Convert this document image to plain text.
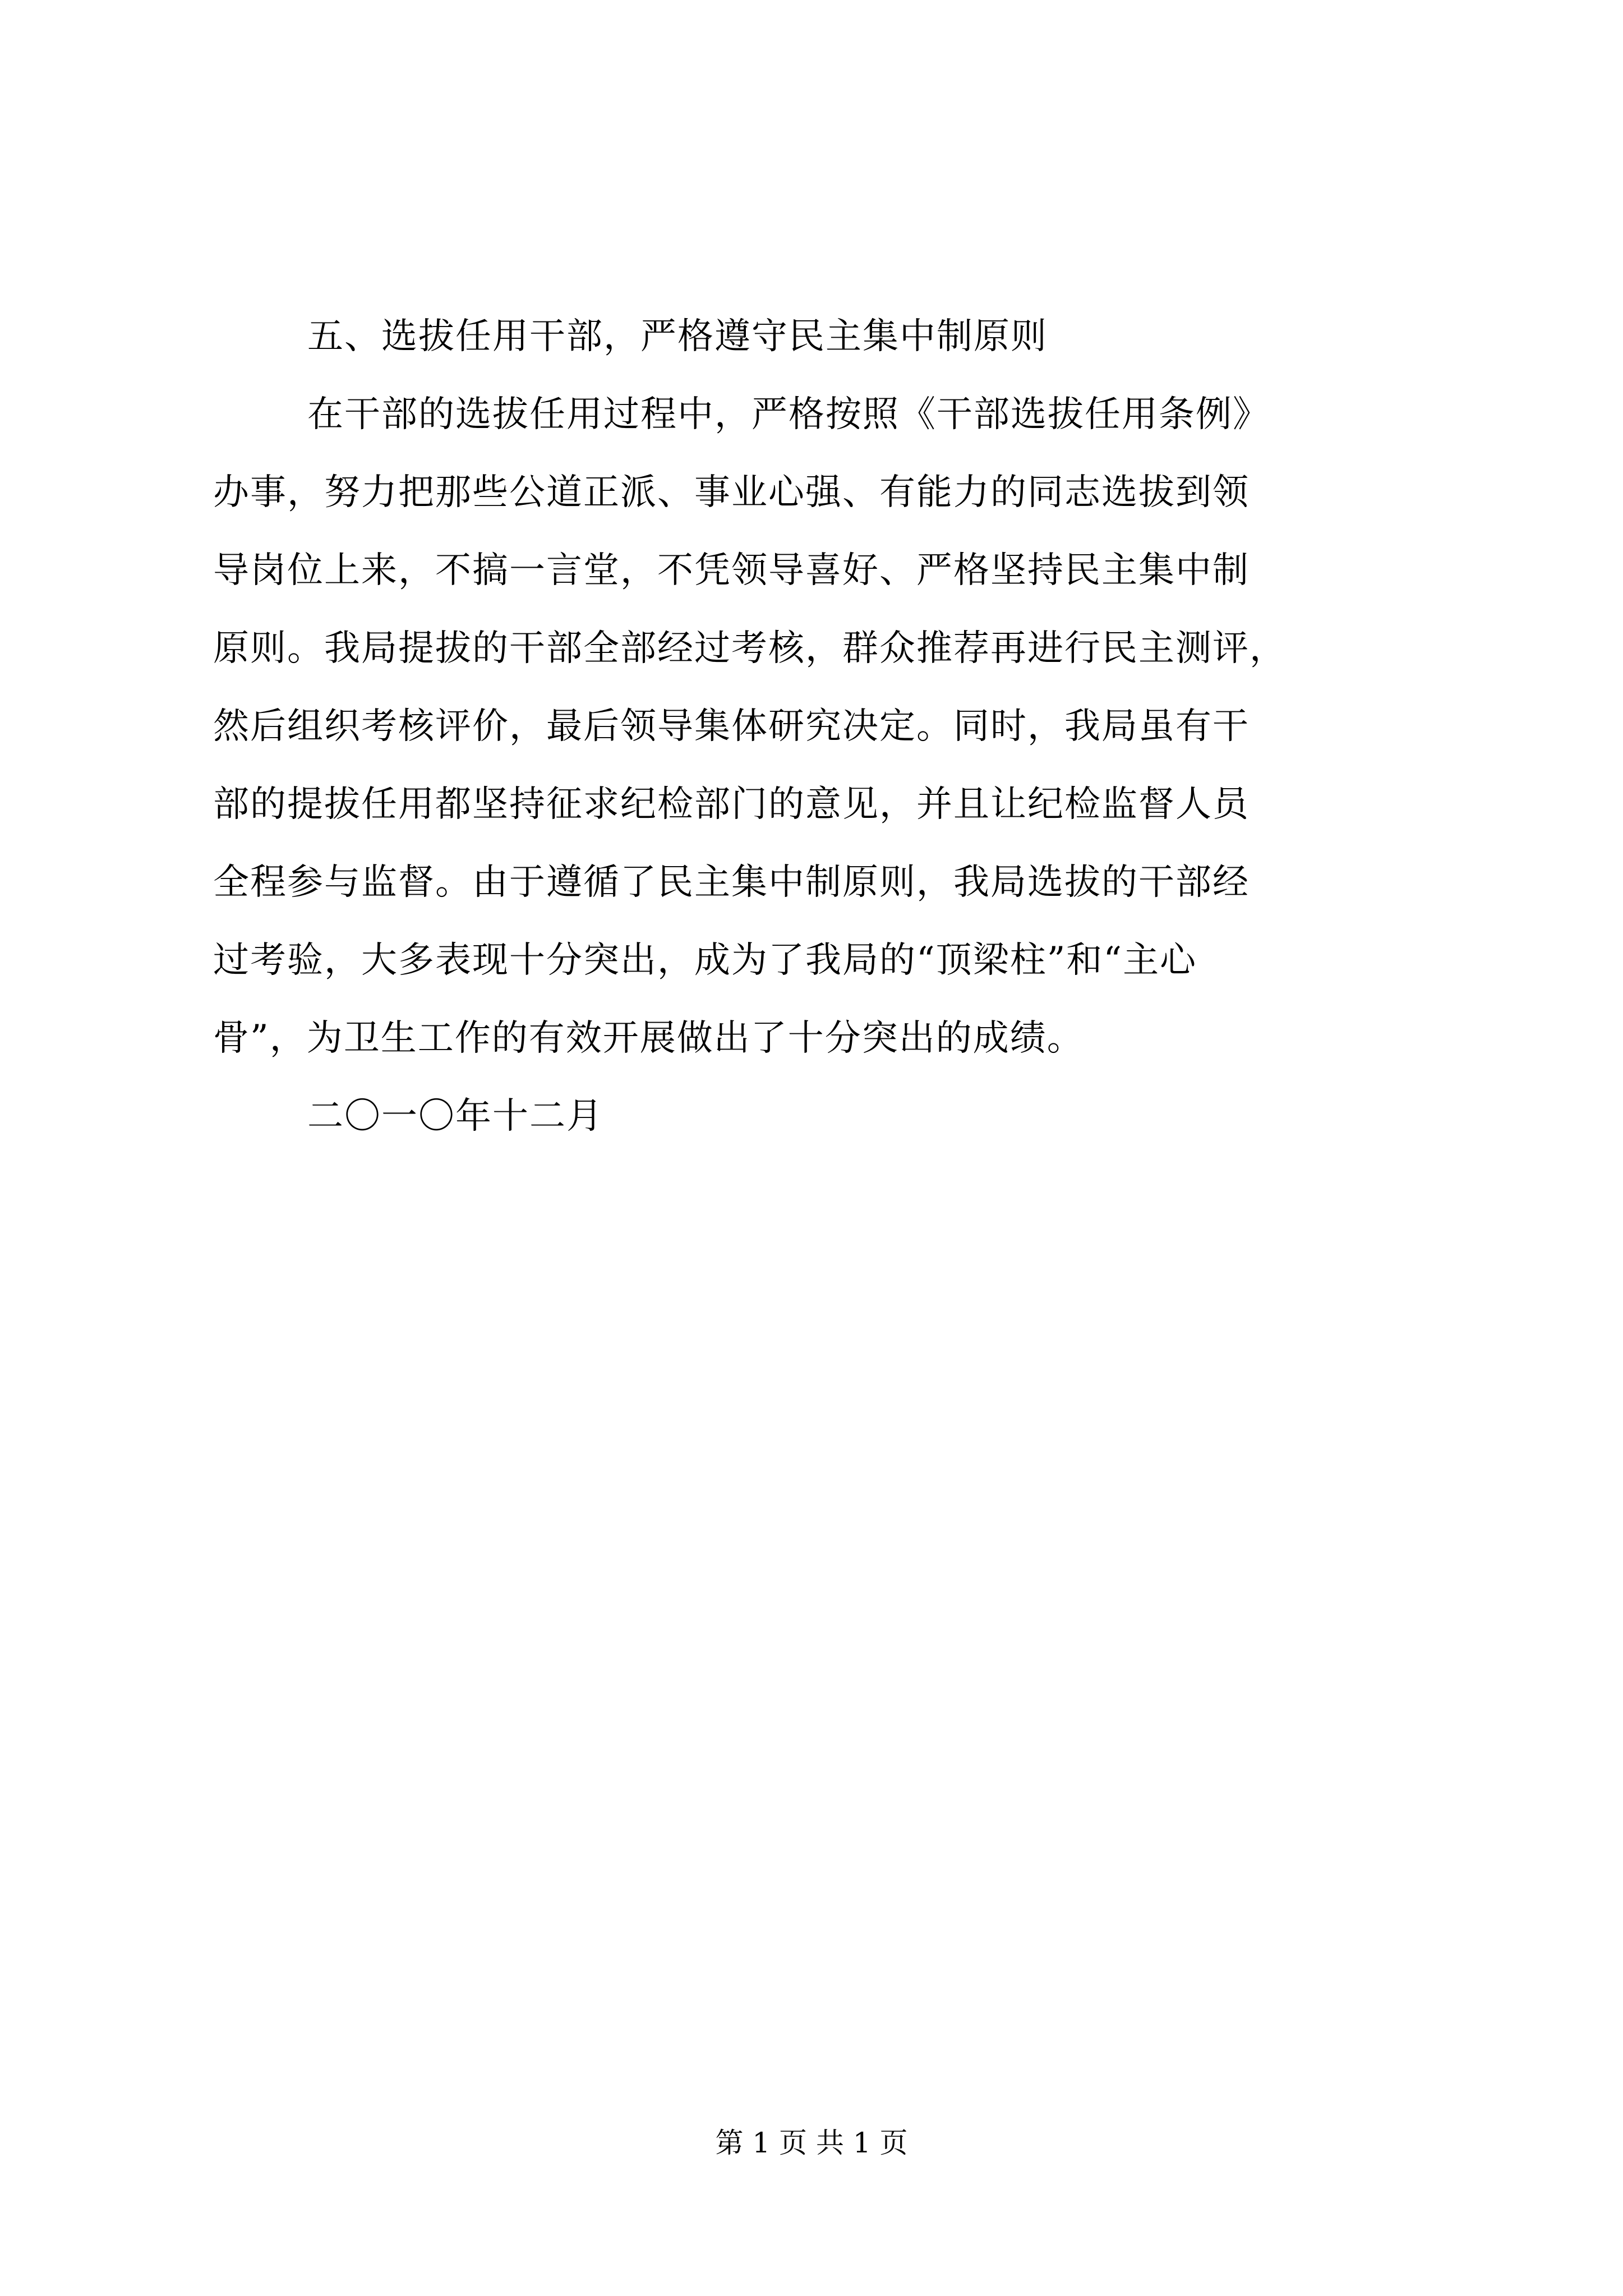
五、选拔任用干部，严格遵守民主集中制原则
在干部的选拔任用过程中，严格按照《干部选拔任用条例》
办事，努力把那些公道正派、事业心强、有能力的同志选拔到领
导岗位上来，不搞一言堂，不凭领导喜好、严格坚持民主集中制
原则。我局提拔的干部全部经过考核，群众推荐再进行民主测评，
然后组织考核评价，最后领导集体研究决定。同时，我局虽有干
部的提拔任用都坚持征求纪检部门的意见，并且让纪检监督人员
全程参与监督。由于遵循了民主集中制原则，我局选拔的干部经
过考验，大多表现十分突出，成为了我局的“顶梁柱”和“主心
骨”，为卫生工作的有效开展做出了十分突出的成绩。
二〇一〇年十二月
第 1 页 共 1 页
